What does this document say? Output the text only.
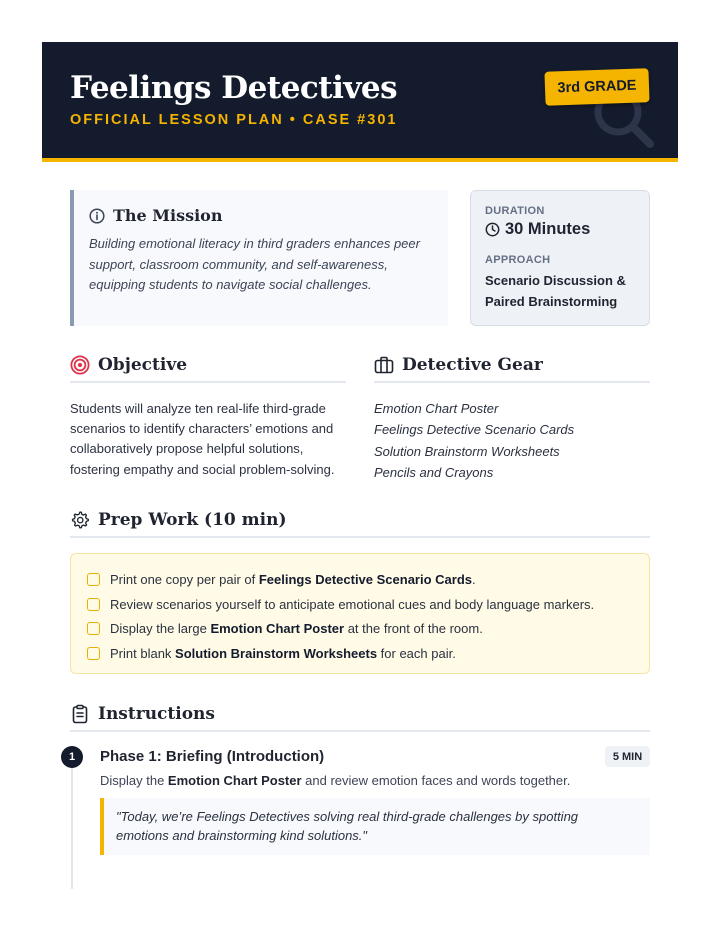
Feelings Detectives
OFFICIAL LESSON PLAN • CASE #301
3rd GRADE
The Mission

Building emotional literacy in third graders enhances peer support, classroom community, and self-awareness, equipping students to navigate social challenges.

DURATION
30 Minutes
APPROACH
Scenario Discussion & Paired Brainstorming
Objective

Students will analyze ten real-life third-grade scenarios to identify characters’ emotions and collaboratively propose helpful solutions, fostering empathy and social problem-solving.

Detective Gear
Emotion Chart Poster
Feelings Detective Scenario Cards
Solution Brainstorm Worksheets
Pencils and Crayons
Prep Work (10 min)
Print one copy per pair of Feelings Detective Scenario Cards.
Review scenarios yourself to anticipate emotional cues and body language markers.
Display the large Emotion Chart Poster at the front of the room.
Print blank Solution Brainstorm Worksheets for each pair.
Instructions
1	Phase 1: Briefing (Introduction)	5 MIN
Display the Emotion Chart Poster and review emotion faces and words together.
"Today, we’re Feelings Detectives solving real third-grade challenges by spotting emotions and brainstorming kind solutions."
